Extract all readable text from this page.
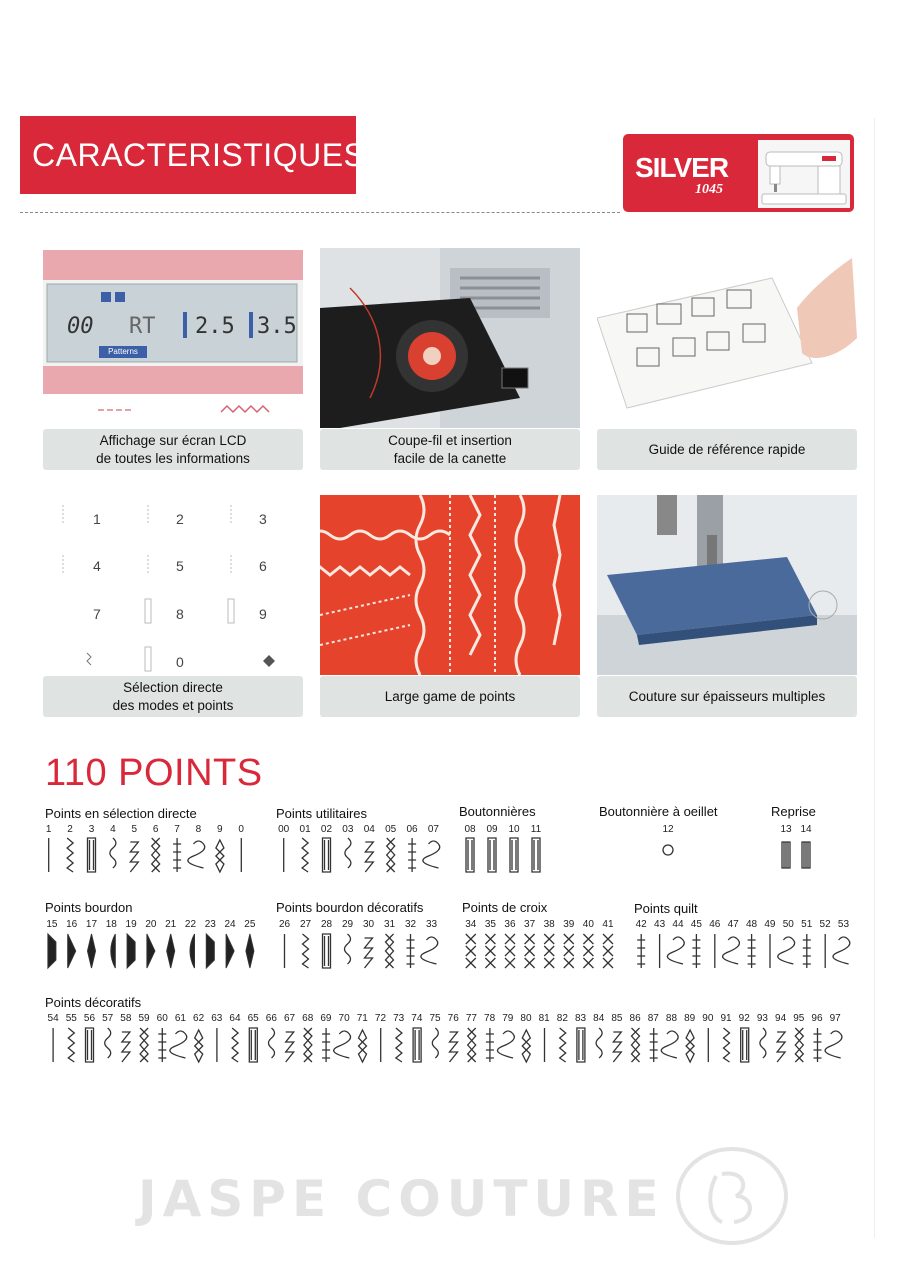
CARACTERISTIQUES	SILVER
1045
00 RT 2.5 3.5
Patterns
Affichage sur écran LCD
de toutes les informations
Coupe-fil et insertion
facile de la canette
Guide de référence rapide
1	2	3
4	5	6
7	8	9
0
Sélection directe
des modes et points
Large game de points	Couture sur épaisseurs multiples
110 POINTS
Points en sélection directe
1 2 3 4 5 6 7 8 9 0
Points utilitaires
00 01 02 03 04 05 06 07
Boutonnières
08 09 10 11
Boutonnière à oeillet
12
Reprise
13 14
Points bourdon
15 16 17 18 19 20 21 22 23 24 25
Points bourdon décoratifs
26 27 28 29 30 31 32 33
Points de croix
34 35 36 37 38 39 40 41
Points quilt
42 43 44 45 46 47 48 49 50 51 52 53
Points décoratifs
54 55 56 57 58 59 60 61 62 63 64 65 66 67 68 69 70 71 72 73 74 75 76 77 78 79 80 81 82 83 84 85 86 87 88 89 90 91 92 93 94 95 96 97
JASPE COUTURE
